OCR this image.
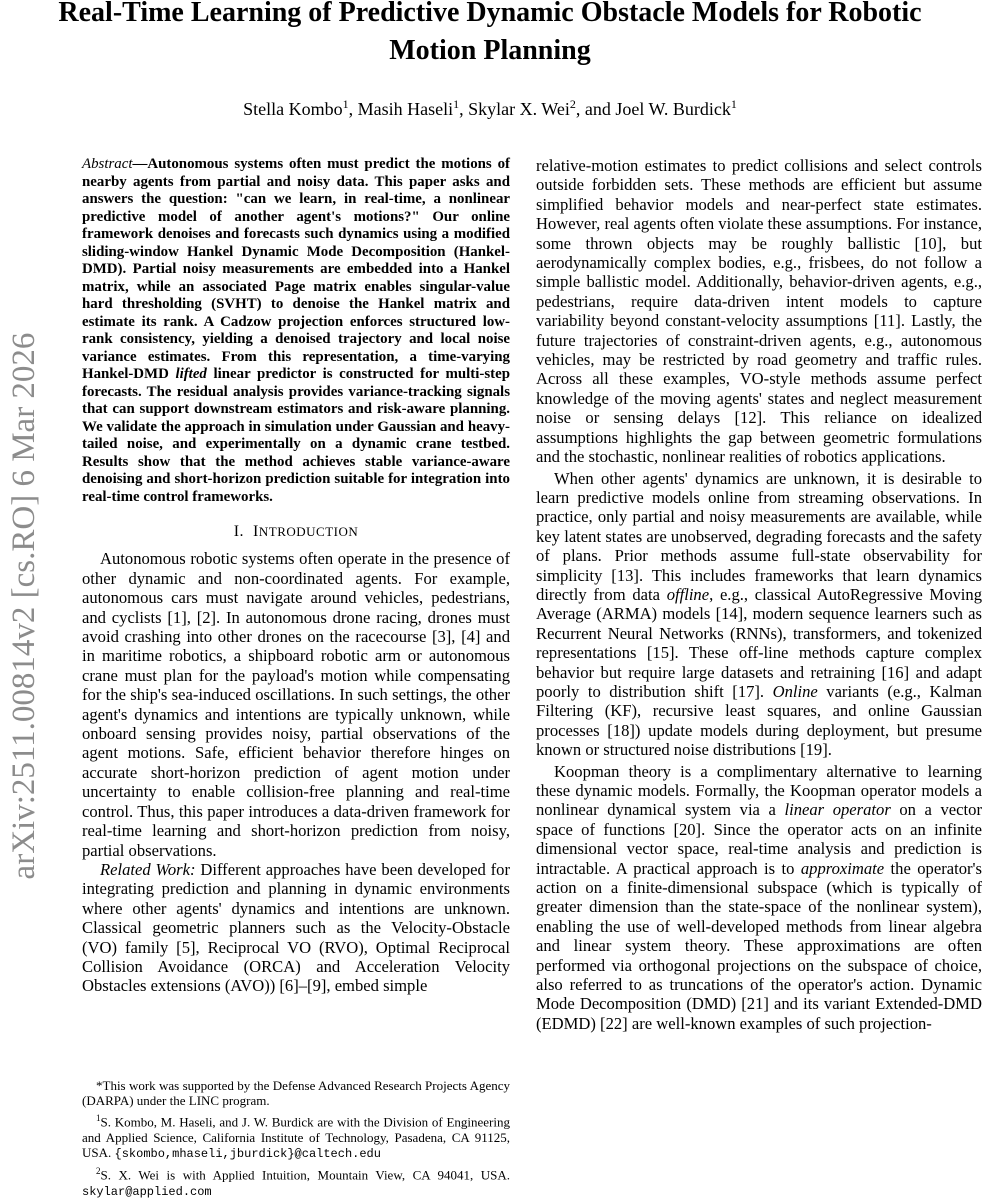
Real-Time Learning of Predictive Dynamic Obstacle Models for Robotic Motion Planning
Stella Kombo$^1$, Masih Haseli$^1$, Skylar X. Wei$^2$, and Joel W. Burdick$^1$
arXiv:2511.00814v2 [cs.RO] 6 Mar 2026

Abstract—Autonomous systems often must predict the motions of nearby agents from partial and noisy data. This paper asks and answers the question: "can we learn, in real-time, a nonlinear predictive model of another agent's motions?" Our online framework denoises and forecasts such dynamics using a modified sliding-window Hankel Dynamic Mode Decomposition (Hankel-DMD). Partial noisy measurements are embedded into a Hankel matrix, while an associated Page matrix enables singular-value hard thresholding (SVHT) to denoise the Hankel matrix and estimate its rank. A Cadzow projection enforces structured low-rank consistency, yielding a denoised trajectory and local noise variance estimates. From this representation, a time-varying Hankel-DMD lifted linear predictor is constructed for multi-step forecasts. The residual analysis provides variance-tracking signals that can support downstream estimators and risk-aware planning. We validate the approach in simulation under Gaussian and heavy-tailed noise, and experimentally on a dynamic crane testbed. Results show that the method achieves stable variance-aware denoising and short-horizon prediction suitable for integration into real-time control frameworks.

I. INTRODUCTION

Autonomous robotic systems often operate in the presence of other dynamic and non-coordinated agents. For example, autonomous cars must navigate around vehicles, pedestrians, and cyclists [1], [2]. In autonomous drone racing, drones must avoid crashing into other drones on the racecourse [3], [4] and in maritime robotics, a shipboard robotic arm or autonomous crane must plan for the payload's motion while compensating for the ship's sea-induced oscillations. In such settings, the other agent's dynamics and intentions are typically unknown, while onboard sensing provides noisy, partial observations of the agent motions. Safe, efficient behavior therefore hinges on accurate short-horizon prediction of agent motion under uncertainty to enable collision-free planning and real-time control. Thus, this paper introduces a data-driven framework for real-time learning and short-horizon prediction from noisy, partial observations.

Related Work: Different approaches have been developed for integrating prediction and planning in dynamic environments where other agents' dynamics and intentions are unknown. Classical geometric planners such as the Velocity-Obstacle (VO) family [5], Reciprocal VO (RVO), Optimal Reciprocal Collision Avoidance (ORCA) and Acceleration Velocity Obstacles extensions (AVO)) [6]–[9], embed simple

*This work was supported by the Defense Advanced Research Projects Agency (DARPA) under the LINC program.

$^1$S. Kombo, M. Haseli, and J. W. Burdick are with the Division of Engineering and Applied Science, California Institute of Technology, Pasadena, CA 91125, USA. {skombo,mhaseli,jburdick}@caltech.edu

$^2$S. X. Wei is with Applied Intuition, Mountain View, CA 94041, USA. skylar@applied.com

relative-motion estimates to predict collisions and select controls outside forbidden sets. These methods are efficient but assume simplified behavior models and near-perfect state estimates. However, real agents often violate these assumptions. For instance, some thrown objects may be roughly ballistic [10], but aerodynamically complex bodies, e.g., frisbees, do not follow a simple ballistic model. Additionally, behavior-driven agents, e.g., pedestrians, require data-driven intent models to capture variability beyond constant-velocity assumptions [11]. Lastly, the future trajectories of constraint-driven agents, e.g., autonomous vehicles, may be restricted by road geometry and traffic rules. Across all these examples, VO-style methods assume perfect knowledge of the moving agents' states and neglect measurement noise or sensing delays [12]. This reliance on idealized assumptions highlights the gap between geometric formulations and the stochastic, nonlinear realities of robotics applications.

When other agents' dynamics are unknown, it is desirable to learn predictive models online from streaming observations. In practice, only partial and noisy measurements are available, while key latent states are unobserved, degrading forecasts and the safety of plans. Prior methods assume full-state observability for simplicity [13]. This includes frameworks that learn dynamics directly from data offline, e.g., classical AutoRegressive Moving Average (ARMA) models [14], modern sequence learners such as Recurrent Neural Networks (RNNs), transformers, and tokenized representations [15]. These off-line methods capture complex behavior but require large datasets and retraining [16] and adapt poorly to distribution shift [17]. Online variants (e.g., Kalman Filtering (KF), recursive least squares, and online Gaussian processes [18]) update models during deployment, but presume known or structured noise distributions [19].

Koopman theory is a complimentary alternative to learning these dynamic models. Formally, the Koopman operator models a nonlinear dynamical system via a linear operator on a vector space of functions [20]. Since the operator acts on an infinite dimensional vector space, real-time analysis and prediction is intractable. A practical approach is to approximate the operator's action on a finite-dimensional subspace (which is typically of greater dimension than the state-space of the nonlinear system), enabling the use of well-developed methods from linear algebra and linear system theory. These approximations are often performed via orthogonal projections on the subspace of choice, also referred to as truncations of the operator's action. Dynamic Mode Decomposition (DMD) [21] and its variant Extended-DMD (EDMD) [22] are well-known examples of such projection-
